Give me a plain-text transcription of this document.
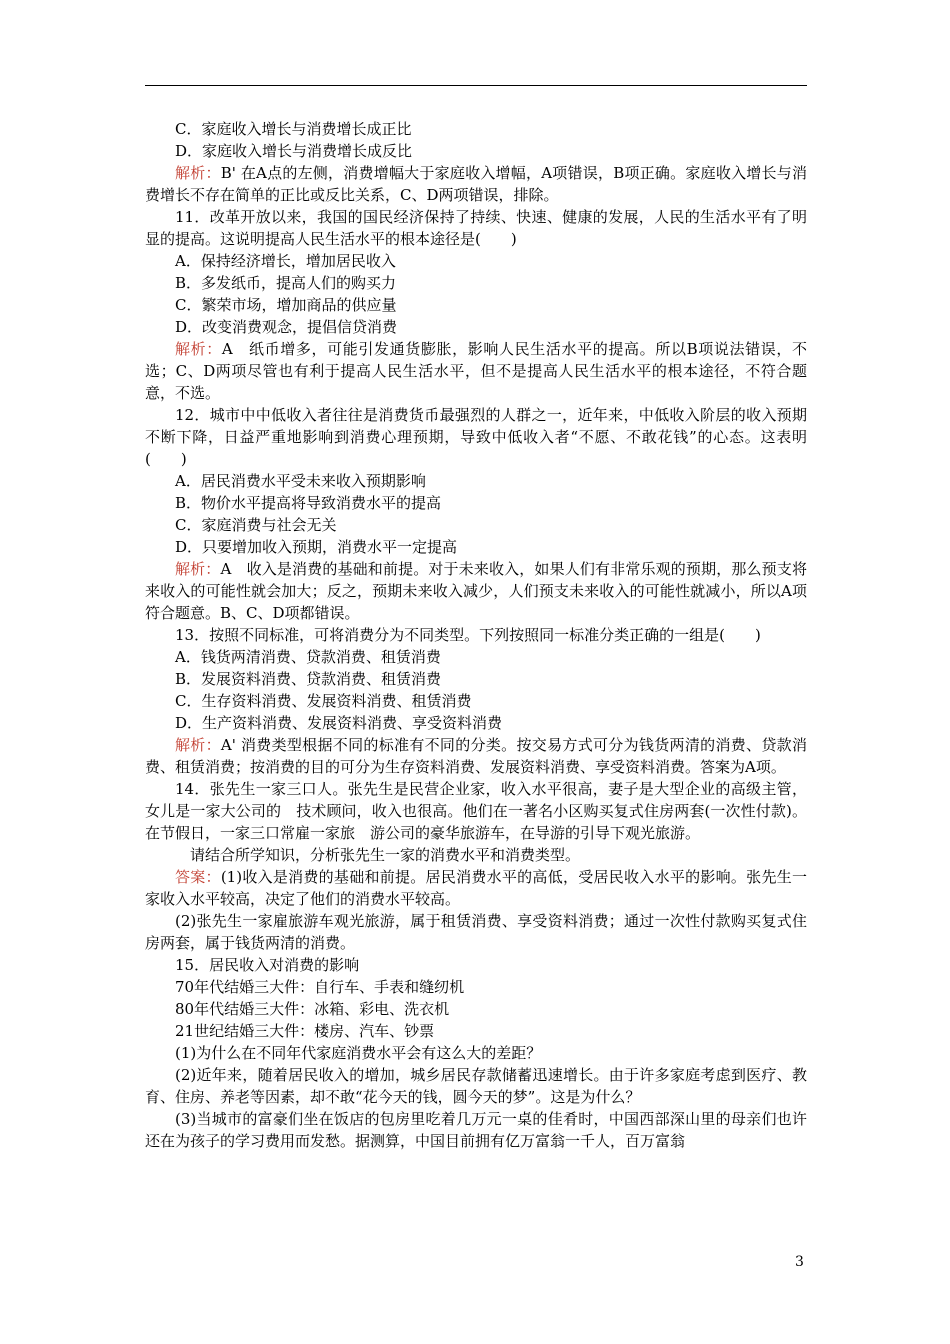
C．家庭收入增长与消费增长成正比

D．家庭收入增长与消费增长成反比

解析：B' 在A点的左侧，消费增幅大于家庭收入增幅，A项错误，B项正确。家庭收入增长与消费增长不存在简单的正比或反比关系，C、D两项错误，排除。

11．改革开放以来，我国的国民经济保持了持续、快速、健康的发展，人民的生活水平有了明显的提高。这说明提高人民生活水平的根本途径是(　　)

A．保持经济增长，增加居民收入

B．多发纸币，提高人们的购买力

C．繁荣市场，增加商品的供应量

D．改变消费观念，提倡信贷消费

解析：A　纸币增多，可能引发通货膨胀，影响人民生活水平的提高。所以B项说法错误，不选；C、D两项尽管也有利于提高人民生活水平，但不是提高人民生活水平的根本途径，不符合题意，不选。

12．城市中中低收入者往往是消费货币最强烈的人群之一，近年来，中低收入阶层的收入预期不断下降，日益严重地影响到消费心理预期，导致中低收入者“不愿、不敢花钱”的心态。这表明(　　)

A．居民消费水平受未来收入预期影响

B．物价水平提高将导致消费水平的提高

C．家庭消费与社会无关

D．只要增加收入预期，消费水平一定提高

解析：A　收入是消费的基础和前提。对于未来收入，如果人们有非常乐观的预期，那么预支将来收入的可能性就会加大；反之，预期未来收入减少，人们预支未来收入的可能性就减小，所以A项符合题意。B、C、D项都错误。

13．按照不同标准，可将消费分为不同类型。下列按照同一标准分类正确的一组是(　　)

A．钱货两清消费、贷款消费、租赁消费

B．发展资料消费、贷款消费、租赁消费

C．生存资料消费、发展资料消费、租赁消费

D．生产资料消费、发展资料消费、享受资料消费

解析：A' 消费类型根据不同的标准有不同的分类。按交易方式可分为钱货两清的消费、贷款消费、租赁消费；按消费的目的可分为生存资料消费、发展资料消费、享受资料消费。答案为A项。

14．张先生一家三口人。张先生是民营企业家，收入水平很高，妻子是大型企业的高级主管，女儿是一家大公司的　技术顾问，收入也很高。他们在一著名小区购买复式住房两套(一次性付款)。在节假日，一家三口常雇一家旅　游公司的豪华旅游车，在导游的引导下观光旅游。

　请结合所学知识，分析张先生一家的消费水平和消费类型。

答案：(1)收入是消费的基础和前提。居民消费水平的高低，受居民收入水平的影响。张先生一家收入水平较高，决定了他们的消费水平较高。

(2)张先生一家雇旅游车观光旅游，属于租赁消费、享受资料消费；通过一次性付款购买复式住房两套，属于钱货两清的消费。

15．居民收入对消费的影响

70年代结婚三大件：自行车、手表和缝纫机

80年代结婚三大件：冰箱、彩电、洗衣机

21世纪结婚三大件：楼房、汽车、钞票

(1)为什么在不同年代家庭消费水平会有这么大的差距？

(2)近年来，随着居民收入的增加，城乡居民存款储蓄迅速增长。由于许多家庭考虑到医疗、教育、住房、养老等因素，却不敢“花今天的钱，圆今天的梦”。这是为什么？

(3)当城市的富豪们坐在饭店的包房里吃着几万元一桌的佳肴时，中国西部深山里的母亲们也许还在为孩子的学习费用而发愁。据测算，中国目前拥有亿万富翁一千人，百万富翁

3
